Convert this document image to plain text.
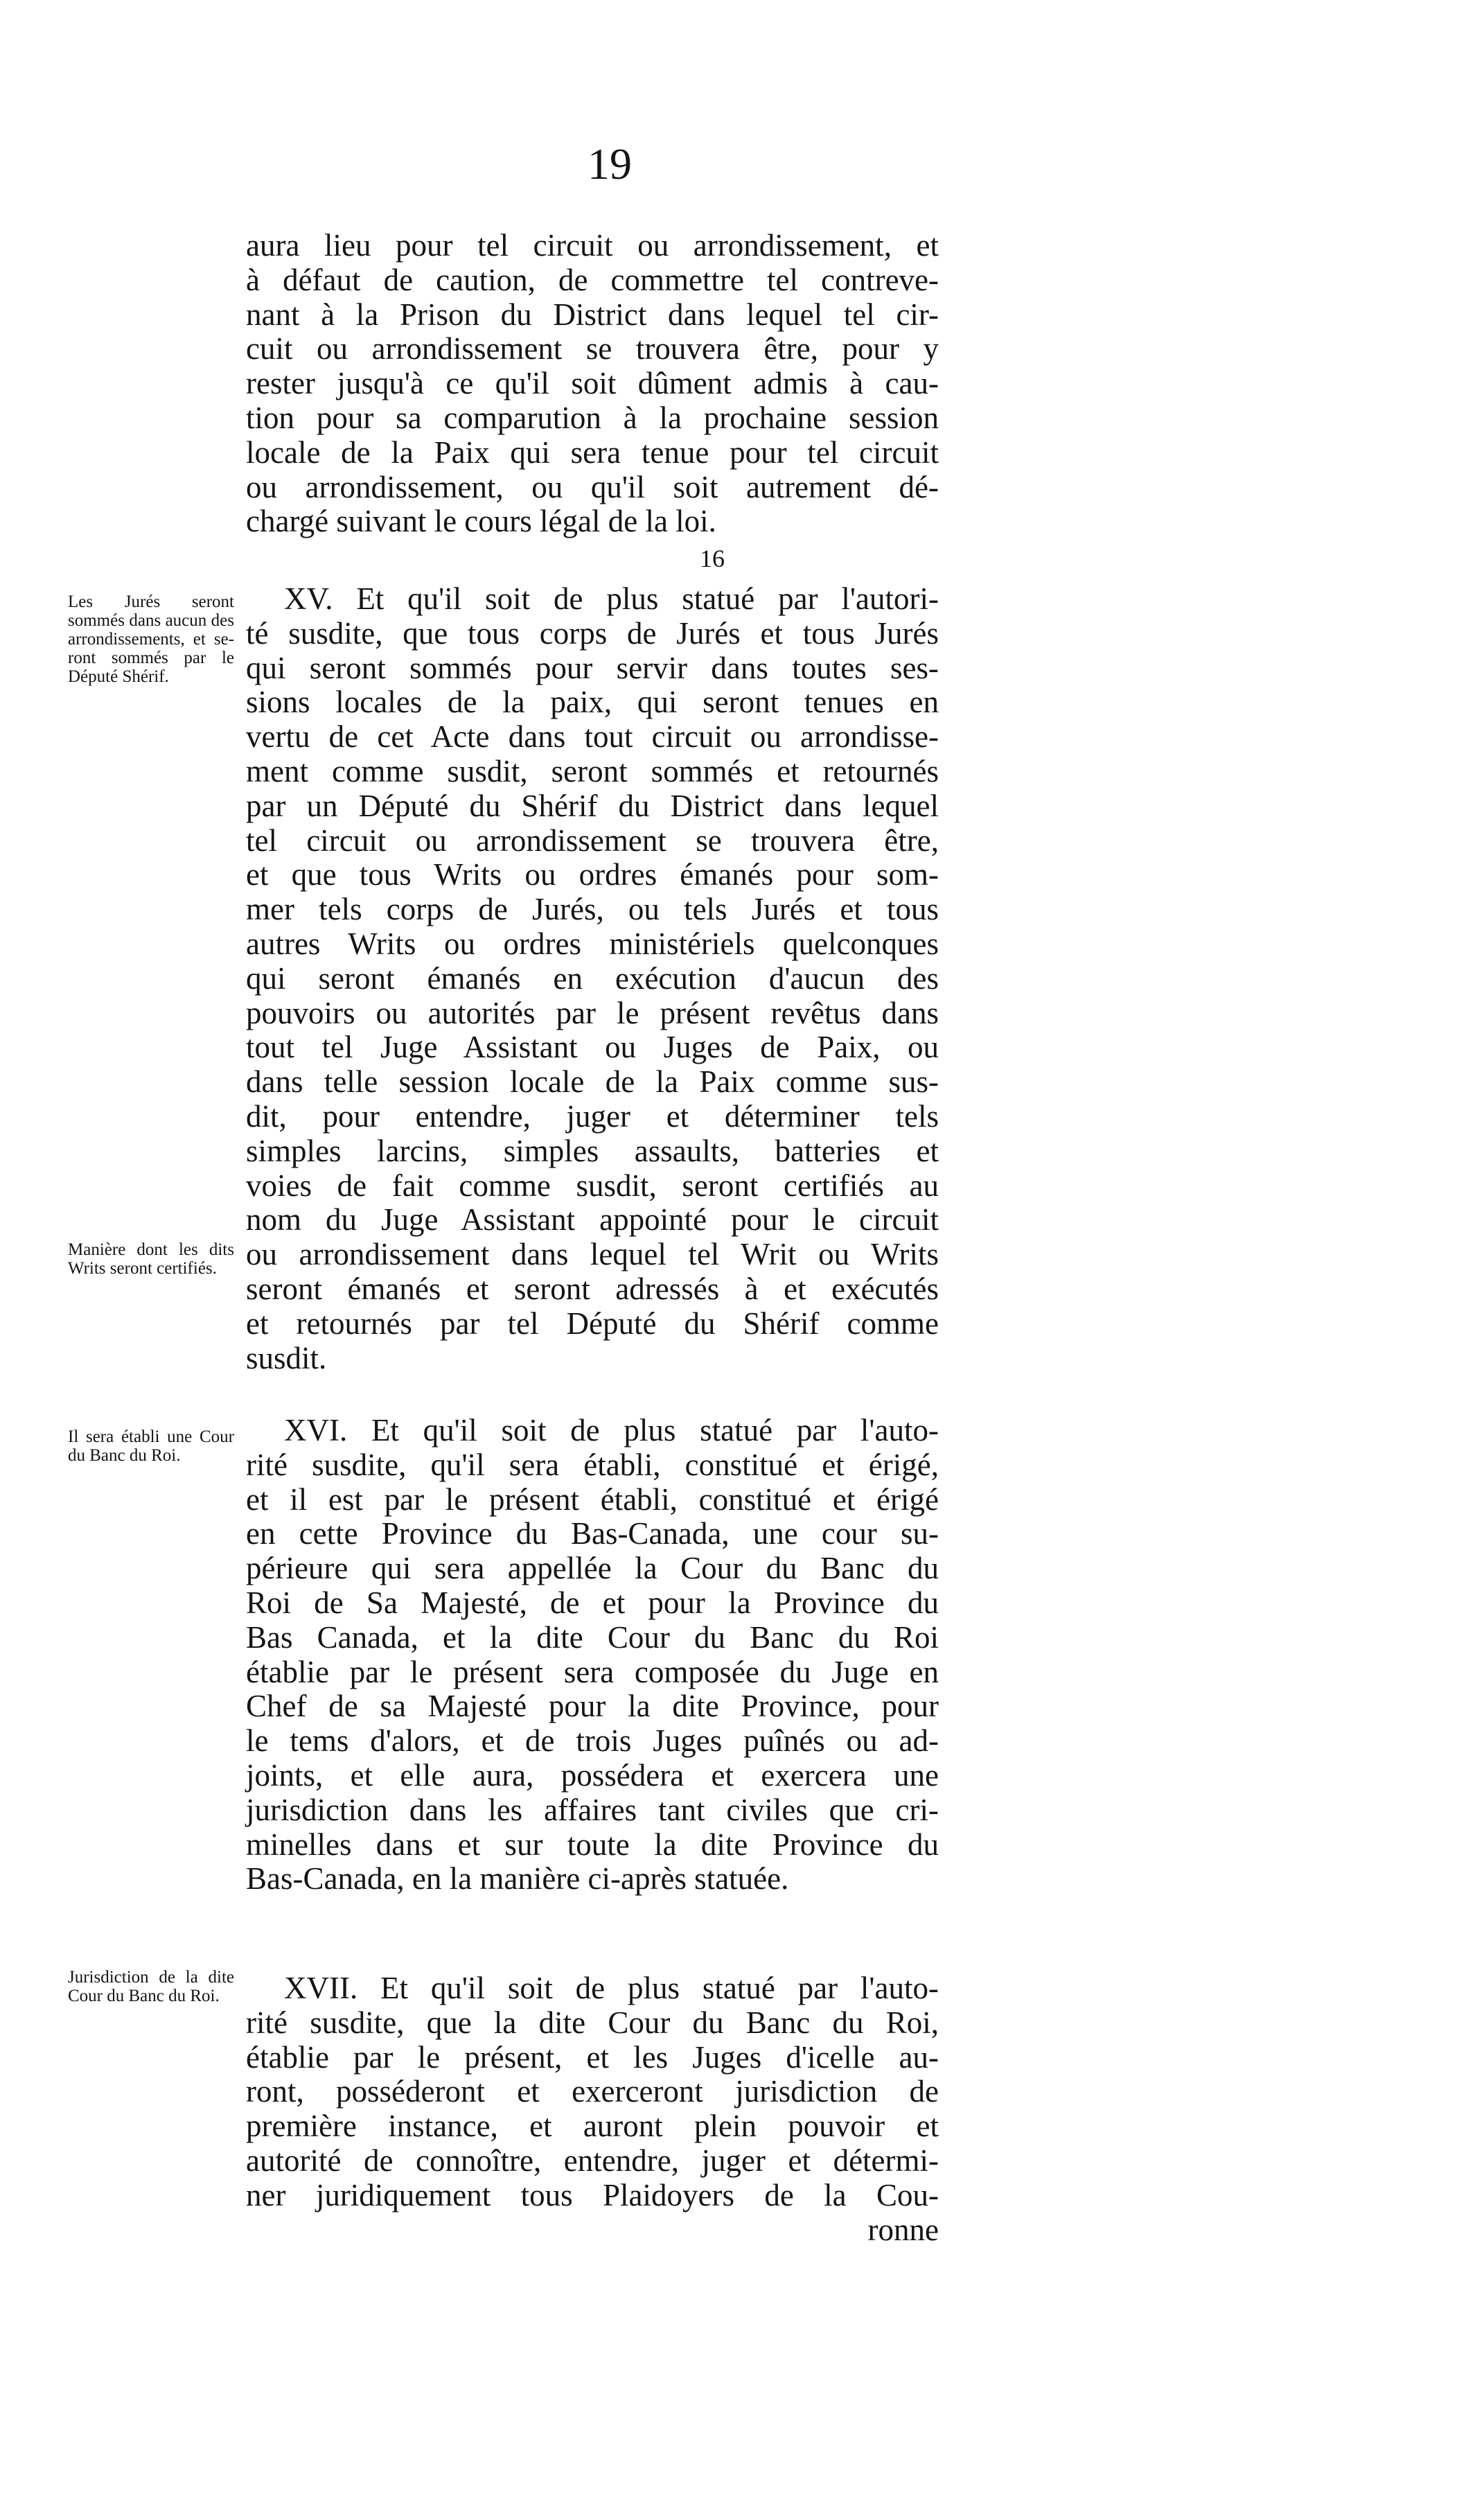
19
aura lieu pour tel circuit ou arrondissement, et
à défaut de caution, de commettre tel contreve-
nant à la Prison du District dans lequel tel cir-
cuit ou arrondissement se trouvera être, pour y
rester jusqu'à ce qu'il soit dûment admis à cau-
tion pour sa comparution à la prochaine session
locale de la Paix qui sera tenue pour tel circuit
ou arrondissement, ou qu'il soit autrement dé-
chargé suivant le cours légal de la loi.
16
XV. Et qu'il soit de plus statué par l'autori-
té susdite, que tous corps de Jurés et tous Jurés
qui seront sommés pour servir dans toutes ses-
sions locales de la paix, qui seront tenues en
vertu de cet Acte dans tout circuit ou arrondisse-
ment comme susdit, seront sommés et retournés
par un Député du Shérif du District dans lequel
tel circuit ou arrondissement se trouvera être,
et que tous Writs ou ordres émanés pour som-
mer tels corps de Jurés, ou tels Jurés et tous
autres Writs ou ordres ministériels quelconques
qui seront émanés en exécution d'aucun des
pouvoirs ou autorités par le présent revêtus dans
tout tel Juge Assistant ou Juges de Paix, ou
dans telle session locale de la Paix comme sus-
dit, pour entendre, juger et déterminer tels
simples larcins, simples assaults, batteries et
voies de fait comme susdit, seront certifiés au
nom du Juge Assistant appointé pour le circuit
ou arrondissement dans lequel tel Writ ou Writs
seront émanés et seront adressés à et exécutés
et retournés par tel Député du Shérif comme
susdit.
XVI. Et qu'il soit de plus statué par l'auto-
rité susdite, qu'il sera établi, constitué et érigé,
et il est par le présent établi, constitué et érigé
en cette Province du Bas-Canada, une cour su-
périeure qui sera appellée la Cour du Banc du
Roi de Sa Majesté, de et pour la Province du
Bas Canada, et la dite Cour du Banc du Roi
établie par le présent sera composée du Juge en
Chef de sa Majesté pour la dite Province, pour
le tems d'alors, et de trois Juges puînés ou ad-
joints, et elle aura, possédera et exercera une
jurisdiction dans les affaires tant civiles que cri-
minelles dans et sur toute la dite Province du
Bas-Canada, en la manière ci-après statuée.
XVII. Et qu'il soit de plus statué par l'auto-
rité susdite, que la dite Cour du Banc du Roi,
établie par le présent, et les Juges d'icelle au-
ront, posséderont et exerceront jurisdiction de
première instance, et auront plein pouvoir et
autorité de connoître, entendre, juger et détermi-
ner juridiquement tous Plaidoyers de la Cou-
ronne
Les Jurés seront sommés dans aucun des arrondissements, et seront sommés par le Député Shérif.
Manière dont les dits Writs seront certifiés.
Il sera établi une Cour du Banc du Roi.
Jurisdiction de la dite Cour du Banc du Roi.
